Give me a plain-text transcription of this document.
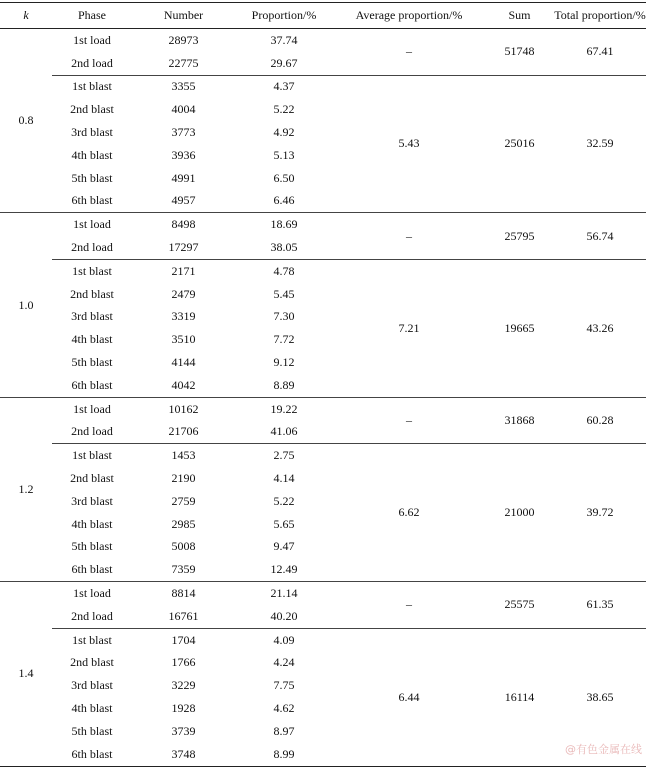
k	Phase	Number	Proportion/%	Average proportion/%	Sum	Total proportion/%
0.8	1st load	28973	37.74	–	51748	67.41
	2nd load	22775	29.67			
	1st blast	3355	4.37	5.43	25016	32.59
	2nd blast	4004	5.22			
	3rd blast	3773	4.92			
	4th blast	3936	5.13			
	5th blast	4991	6.50			
	6th blast	4957	6.46			
1.0	1st load	8498	18.69	–	25795	56.74
	2nd load	17297	38.05			
	1st blast	2171	4.78	7.21	19665	43.26
	2nd blast	2479	5.45			
	3rd blast	3319	7.30			
	4th blast	3510	7.72			
	5th blast	4144	9.12			
	6th blast	4042	8.89			
1.2	1st load	10162	19.22	–	31868	60.28
	2nd load	21706	41.06			
	1st blast	1453	2.75	6.62	21000	39.72
	2nd blast	2190	4.14			
	3rd blast	2759	5.22			
	4th blast	2985	5.65			
	5th blast	5008	9.47			
	6th blast	7359	12.49			
1.4	1st load	8814	21.14	–	25575	61.35
	2nd load	16761	40.20			
	1st blast	1704	4.09	6.44	16114	38.65
	2nd blast	1766	4.24			
	3rd blast	3229	7.75			
	4th blast	1928	4.62			
	5th blast	3739	8.97			
	6th blast	3748	8.99				@有色金属在线
